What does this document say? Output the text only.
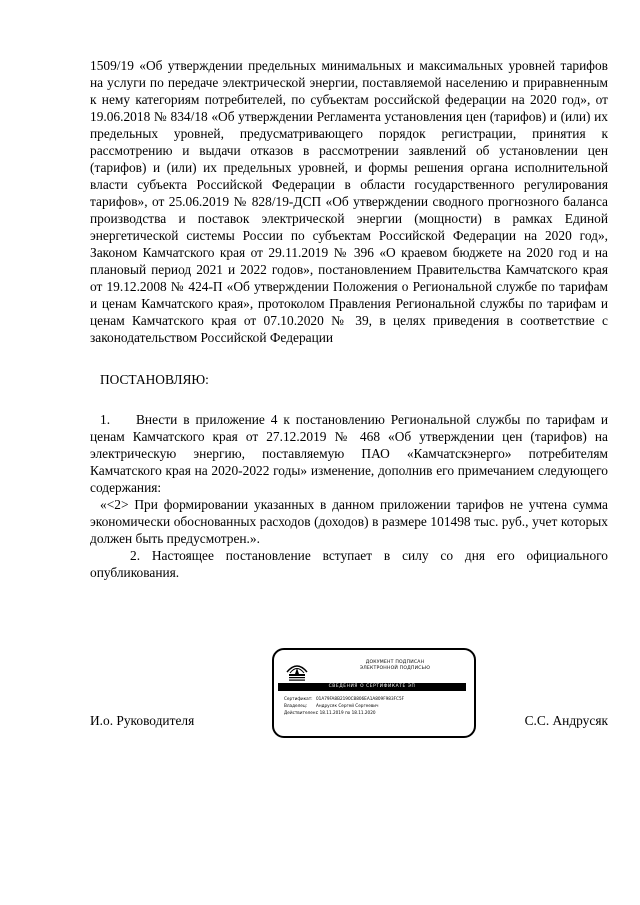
1509/19 «Об утверждении предельных минимальных и максимальных уровней тарифов на услуги по передаче электрической энергии, поставляемой населению и приравненным к нему категориям потребителей, по субъектам российской федерации на 2020 год», от 19.06.2018 № 834/18 «Об утверждении Регламента установления цен (тарифов) и (или) их предельных уровней, предусматривающего порядок регистрации, принятия к рассмотрению и выдачи отказов в рассмотрении заявлений об установлении цен (тарифов) и (или) их предельных уровней, и формы решения органа исполнительной власти субъекта Российской Федерации в области государственного регулирования тарифов», от 25.06.2019 № 828/19-ДСП «Об утверждении сводного прогнозного баланса производства и поставок электрической энергии (мощности) в рамках Единой энергетической системы России по субъектам Российской Федерации на 2020 год», Законом Камчатского края от 29.11.2019 № 396 «О краевом бюджете на 2020 год и на плановый период 2021 и 2022 годов», постановлением Правительства Камчатского края от 19.12.2008 № 424-П «Об утверждении Положения о Региональной службе по тарифам и ценам Камчатского края», протоколом Правления Региональной службы по тарифам и ценам Камчатского края от 07.10.2020 № 39, в целях приведения в соответствие с законодательством Российской Федерации

ПОСТАНОВЛЯЮ:

1. Внести в приложение 4 к постановлению Региональной службы по тарифам и ценам Камчатского края от 27.12.2019 № 468 «Об утверждении цен (тарифов) на электрическую энергию, поставляемую ПАО «Камчатскэнерго» потребителям Камчатского края на 2020-2022 годы» изменение, дополнив его примечанием следующего содержания:

«<2> При формировании указанных в данном приложении тарифов не учтена сумма экономически обоснованных расходов (доходов) в размере 101498 тыс. руб., учет которых должен быть предусмотрен.».

2. Настоящее постановление вступает в силу со дня его официального опубликования.

И.о. Руководителя	С.С. Андрусяк
ДОКУМЕНТ ПОДПИСАН
ЭЛЕКТРОННОЙ ПОДПИСЬЮ
СВЕДЕНИЯ О СЕРТИФИКАТЕ ЭП
Сертификат: 01A79FA8B2190C8806EA1A809F983FC5F
Владелец:	Андрусяк Сергей Сергеевич
Действителен: с 18.11.2019 по 18.11.2020
